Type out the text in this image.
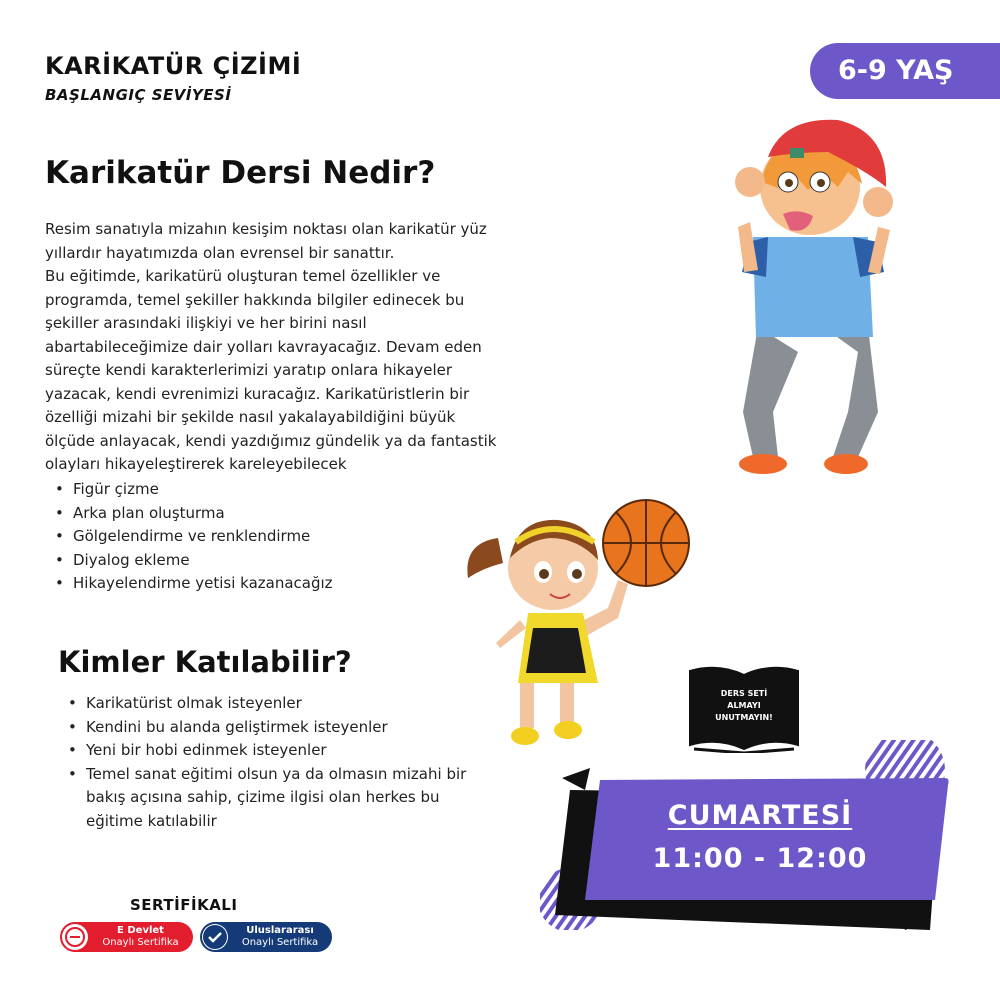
KARİKATÜR ÇİZİMİ
BAŞLANGIÇ SEVİYESİ
6-9 YAŞ
Karikatür Dersi Nedir?

Resim sanatıyla mizahın kesişim noktası olan karikatür yüz yıllardır hayatımızda olan evrensel bir sanattır.

Bu eğitimde, karikatürü oluşturan temel özellikler ve programda, temel şekiller hakkında bilgiler edinecek bu şekiller arasındaki ilişkiyi ve her birini nasıl abartabileceğimize dair yolları kavrayacağız. Devam eden süreçte kendi karakterlerimizi yaratıp onlara hikayeler yazacak, kendi evrenimizi kuracağız. Karikatüristlerin bir özelliği mizahi bir şekilde nasıl yakalayabildiğini büyük ölçüde anlayacak, kendi yazdığımız gündelik ya da fantastik olayları hikayeleştirerek kareleyebilecek

• Figür çizme
• Arka plan oluşturma
• Gölgelendirme ve renklendirme
• Diyalog ekleme
• Hikayelendirme yetisi kazanacağız
Kimler Katılabilir?
• Karikatürist olmak isteyenler
• Kendini bu alanda geliştirmek isteyenler
• Yeni bir hobi edinmek isteyenler
• Temel sanat eğitimi olsun ya da olmasın mizahi bir bakış açısına sahip, çizime ilgisi olan herkes bu eğitime katılabilir
DERS SETİ
ALMAYI
UNUTMAYIN!
CUMARTESİ
11:00 - 12:00
SERTİFİKALI
E Devlet
Onaylı Sertifika
Uluslararası
Onaylı Sertifika
